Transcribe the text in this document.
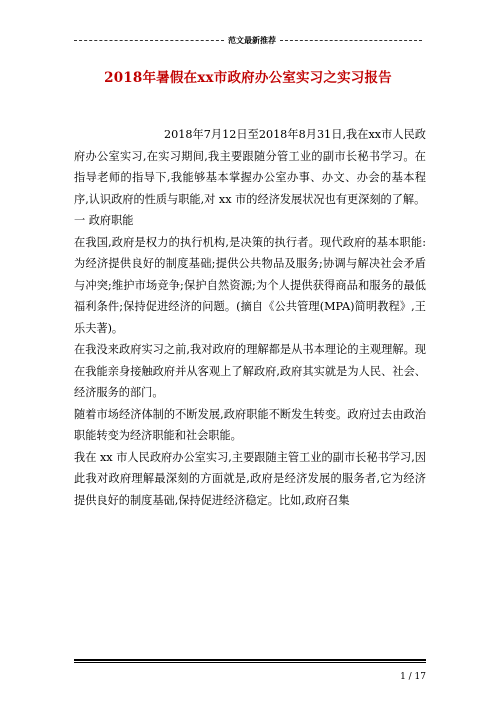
范文最新推荐
2018年暑假在xx市政府办公室实习之实习报告

2018年7月12日至2018年8月31日,我在xx市人民政府办公室实习,在实习期间,我主要跟随分管工业的副市长秘书学习。在指导老师的指导下,我能够基本掌握办公室办事、办文、办会的基本程序,认识政府的性质与职能,对 xx 市的经济发展状况也有更深刻的了解。

一 政府职能

在我国,政府是权力的执行机构,是决策的执行者。现代政府的基本职能:为经济提供良好的制度基础;提供公共物品及服务;协调与解决社会矛盾与冲突;维护市场竞争;保护自然资源;为个人提供获得商品和服务的最低福利条件;保持促进经济的问题。(摘自《公共管理(MPA)简明教程》,王乐夫著)。

在我没来政府实习之前,我对政府的理解都是从书本理论的主观理解。现在我能亲身接触政府并从客观上了解政府,政府其实就是为人民、社会、经济服务的部门。

随着市场经济体制的不断发展,政府职能不断发生转变。政府过去由政治职能转变为经济职能和社会职能。

我在 xx 市人民政府办公室实习,主要跟随主管工业的副市长秘书学习,因此我对政府理解最深刻的方面就是,政府是经济发展的服务者,它为经济提供良好的制度基础,保持促进经济稳定。比如,政府召集

1 / 17
